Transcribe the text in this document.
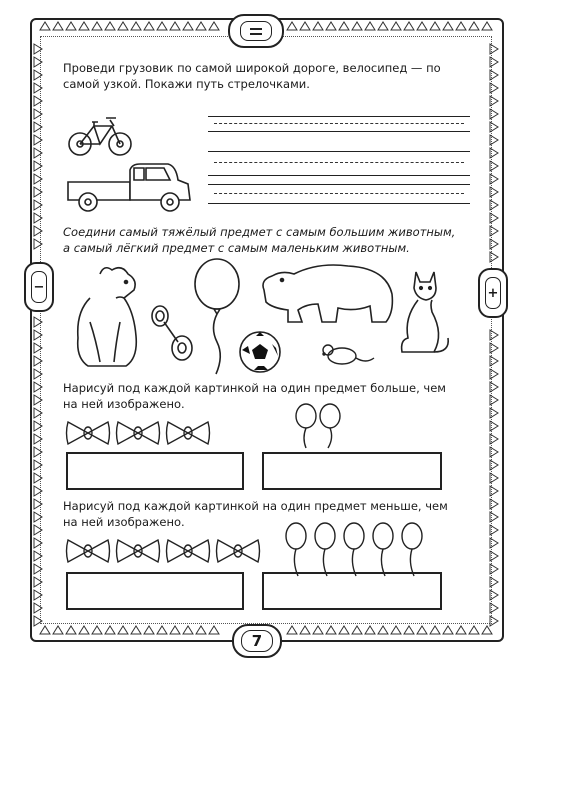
−	+
Проведи грузовик по самой широкой дороге, велосипед — по самой узкой. Покажи путь стрелочками.
Соедини самый тяжёлый предмет с самым большим животным, а самый лёгкий предмет с самым маленьким животным.
Нарисуй под каждой картинкой на один предмет больше, чем на ней изображено.
Нарисуй под каждой картинкой на один предмет меньше, чем на ней изображено.
7
